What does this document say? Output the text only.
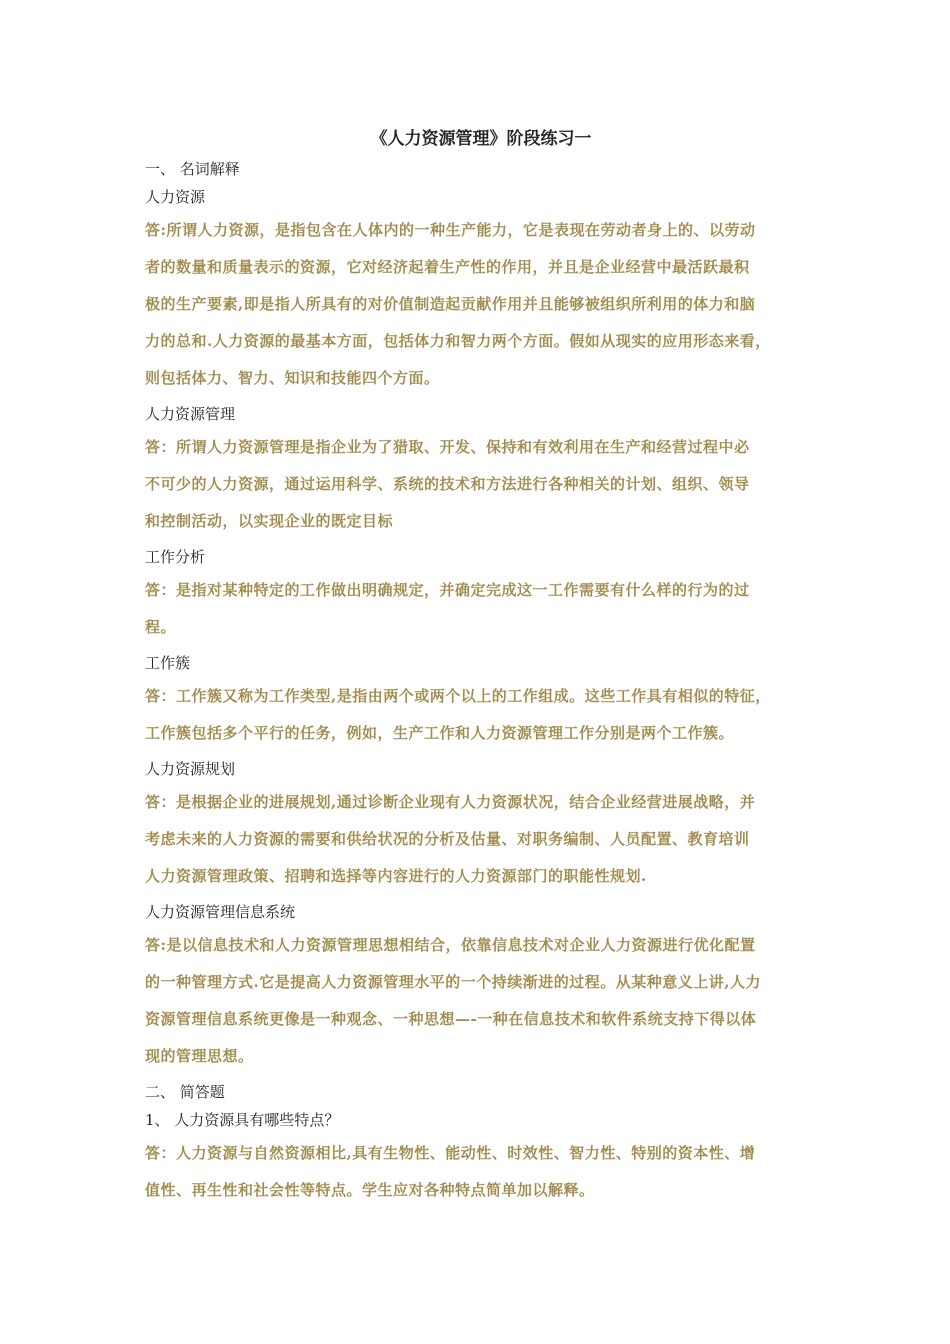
《人力资源管理》阶段练习一
一、 名词解释
人力资源

答:所谓人力资源，是指包含在人体内的一种生产能力，它是表现在劳动者身上的、以劳动

者的数量和质量表示的资源，它对经济起着生产性的作用，并且是企业经营中最活跃最积

极的生产要素,即是指人所具有的对价值制造起贡献作用并且能够被组织所利用的体力和脑

力的总和.人力资源的最基本方面，包括体力和智力两个方面。假如从现实的应用形态来看，

则包括体力、智力、知识和技能四个方面。

人力资源管理

答：所谓人力资源管理是指企业为了猎取、开发、保持和有效利用在生产和经营过程中必

不可少的人力资源，通过运用科学、系统的技术和方法进行各种相关的计划、组织、领导

和控制活动，以实现企业的既定目标

工作分析

答：是指对某种特定的工作做出明确规定，并确定完成这一工作需要有什么样的行为的过

程。

工作簇

答：工作簇又称为工作类型,是指由两个或两个以上的工作组成。这些工作具有相似的特征，

工作簇包括多个平行的任务，例如，生产工作和人力资源管理工作分别是两个工作簇。

人力资源规划

答：是根据企业的进展规划,通过诊断企业现有人力资源状况，结合企业经营进展战略，并

考虑未来的人力资源的需要和供给状况的分析及估量、对职务编制、人员配置、教育培训

人力资源管理政策、招聘和选择等内容进行的人力资源部门的职能性规划.

人力资源管理信息系统

答:是以信息技术和人力资源管理思想相结合，依靠信息技术对企业人力资源进行优化配置

的一种管理方式.它是提高人力资源管理水平的一个持续渐进的过程。从某种意义上讲,人力

资源管理信息系统更像是一种观念、一种思想—-一种在信息技术和软件系统支持下得以体

现的管理思想。

二、 简答题
1、 人力资源具有哪些特点？

答：人力资源与自然资源相比,具有生物性、能动性、时效性、智力性、特别的资本性、增

值性、再生性和社会性等特点。学生应对各种特点简单加以解释。
